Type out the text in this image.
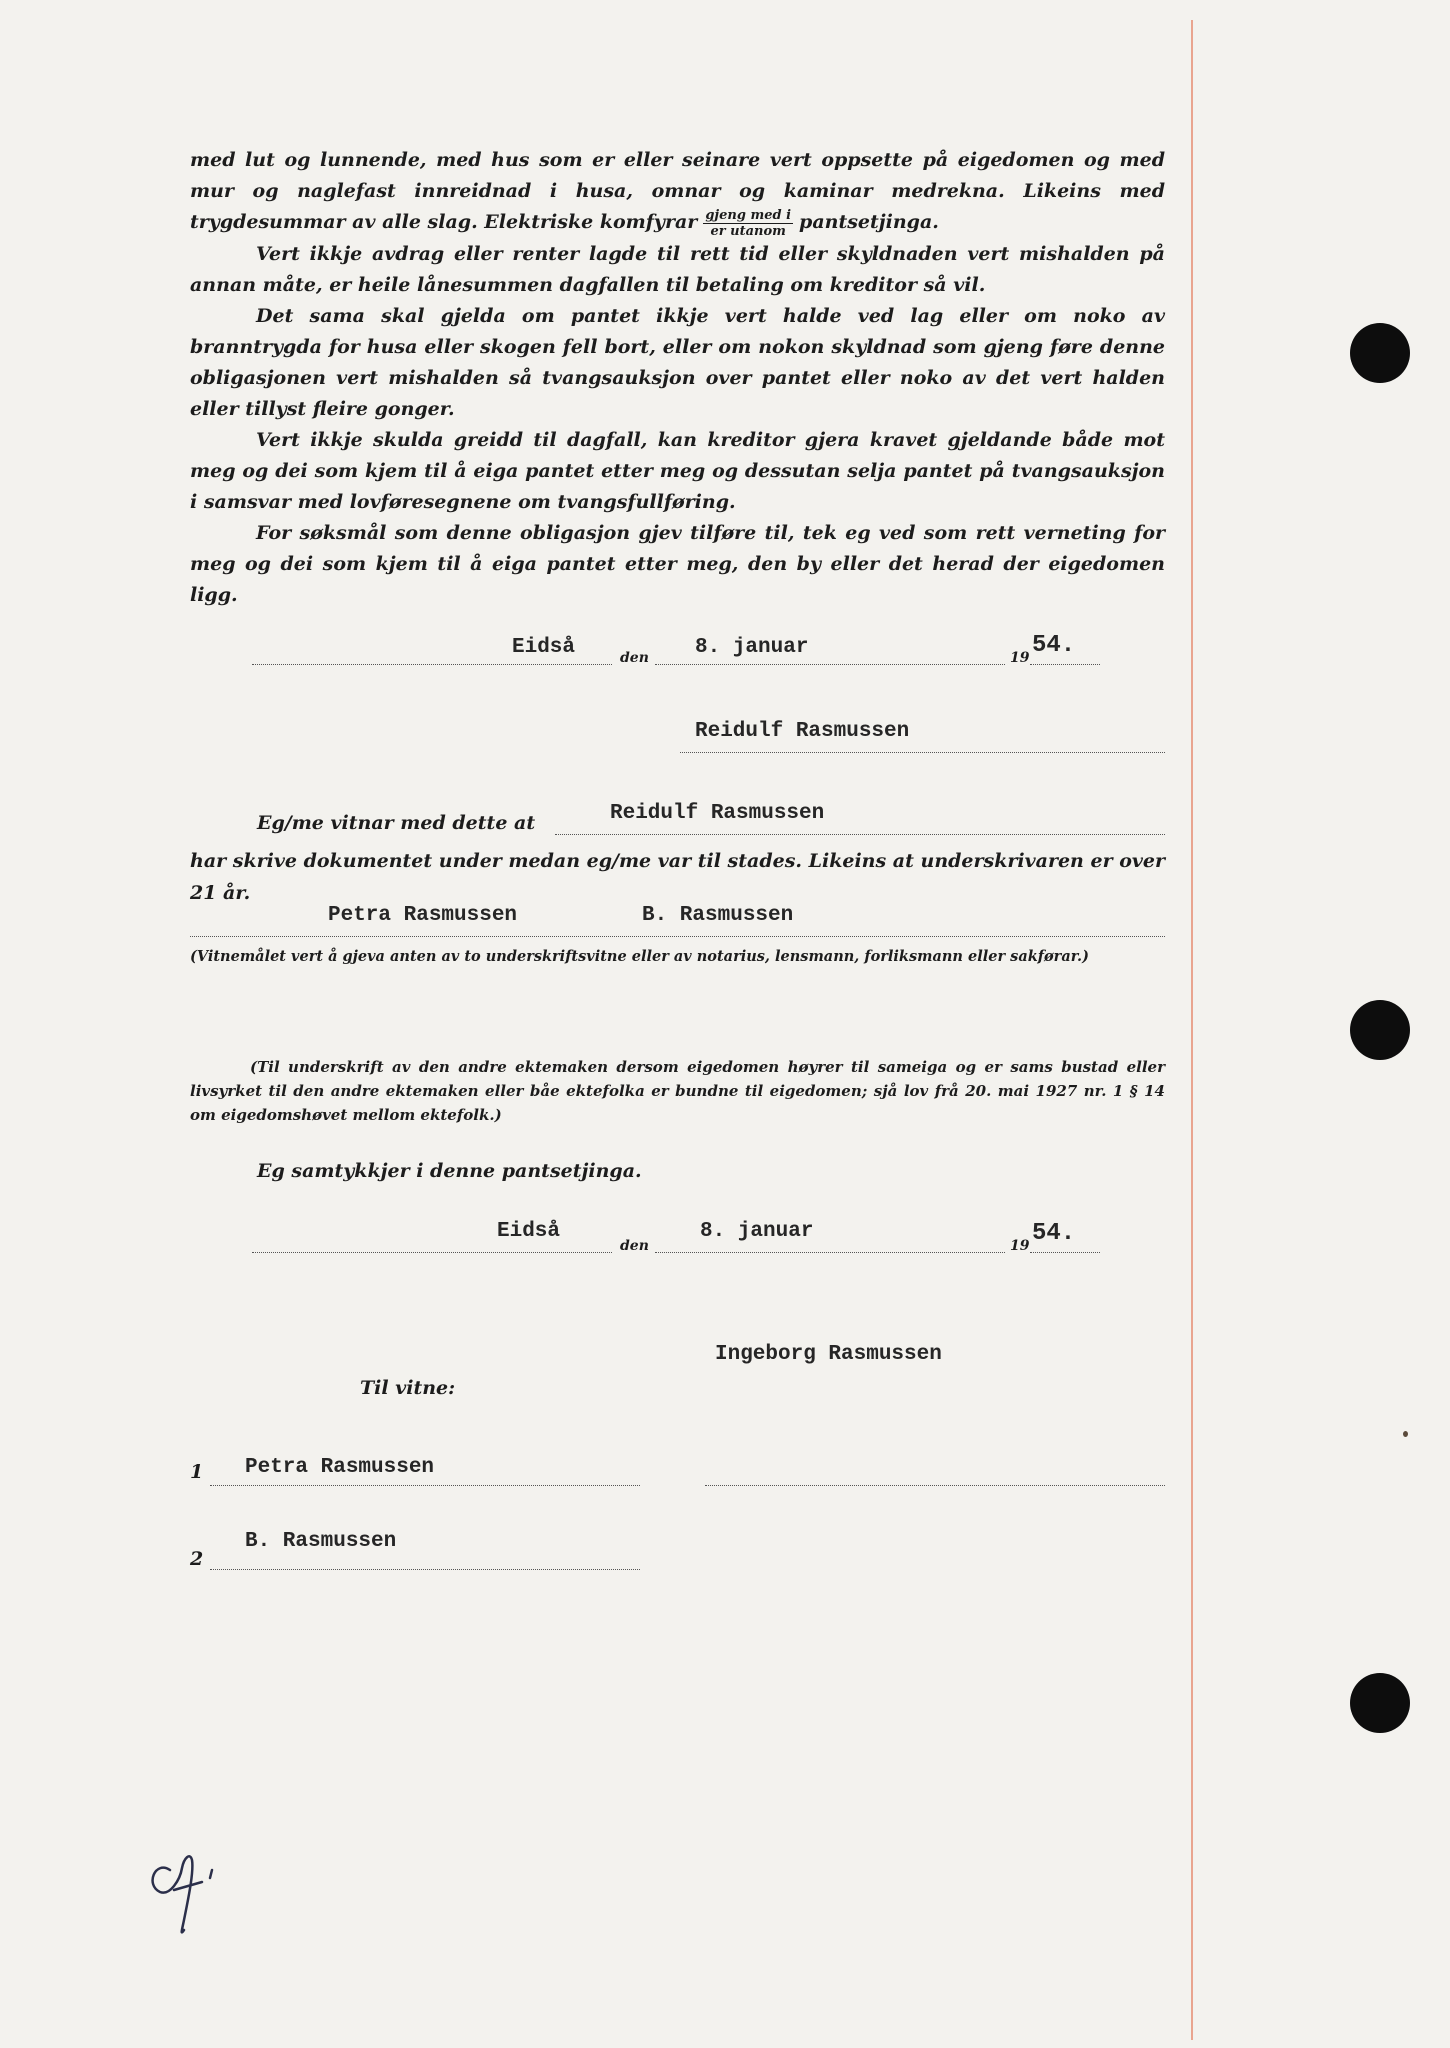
med lut og lunnende, med hus som er eller seinare vert oppsette på eigedomen og med mur og naglefast innreidnad i husa, omnar og kaminar medrekna. Likeins med trygdesummar av alle slag. Elektriske komfyrar $\frac{\text{gjeng med i}}{\text{er utanom}}$ pantsetjinga.

Vert ikkje avdrag eller renter lagde til rett tid eller skyldnaden vert mishalden på annan måte, er heile lånesummen dagfallen til betaling om kreditor så vil.

Det sama skal gjelda om pantet ikkje vert halde ved lag eller om noko av branntrygda for husa eller skogen fell bort, eller om nokon skyldnad som gjeng føre denne obligasjonen vert mishalden så tvangsauksjon over pantet eller noko av det vert halden eller tillyst fleire gonger.

Vert ikkje skulda greidd til dagfall, kan kreditor gjera kravet gjeldande både mot meg og dei som kjem til å eiga pantet etter meg og dessutan selja pantet på tvangsauksjon i samsvar med lovføresegnene om tvangsfullføring.

For søksmål som denne obligasjon gjev tilføre til, tek eg ved som rett verneting for meg og dei som kjem til å eiga pantet etter meg, den by eller det herad der eigedomen ligg.

Eidså	den 8. januar	19 54.
Reidulf Rasmussen
Eg/me vitnar med dette at	Reidulf Rasmussen
har skrive dokumentet under medan eg/me var til stades. Likeins at underskrivaren er over 21 år.
Petra Rasmussen	B. Rasmussen
(Vitnemålet vert å gjeva anten av to underskriftsvitne eller av notarius, lensmann, forliksmann eller sakførar.)
(Til underskrift av den andre ektemaken dersom eigedomen høyrer til sameiga og er sams bustad eller livsyrket til den andre ektemaken eller båe ektefolka er bundne til eigedomen; sjå lov frå 20. mai 1927 nr. 1 § 14 om eigedomshøvet mellom ektefolk.)
Eg samtykkjer i denne pantsetjinga.
Eidså
den
8. januar
19 54.
Ingeborg Rasmussen
Til vitne:
1 Petra Rasmussen
2
B. Rasmussen
